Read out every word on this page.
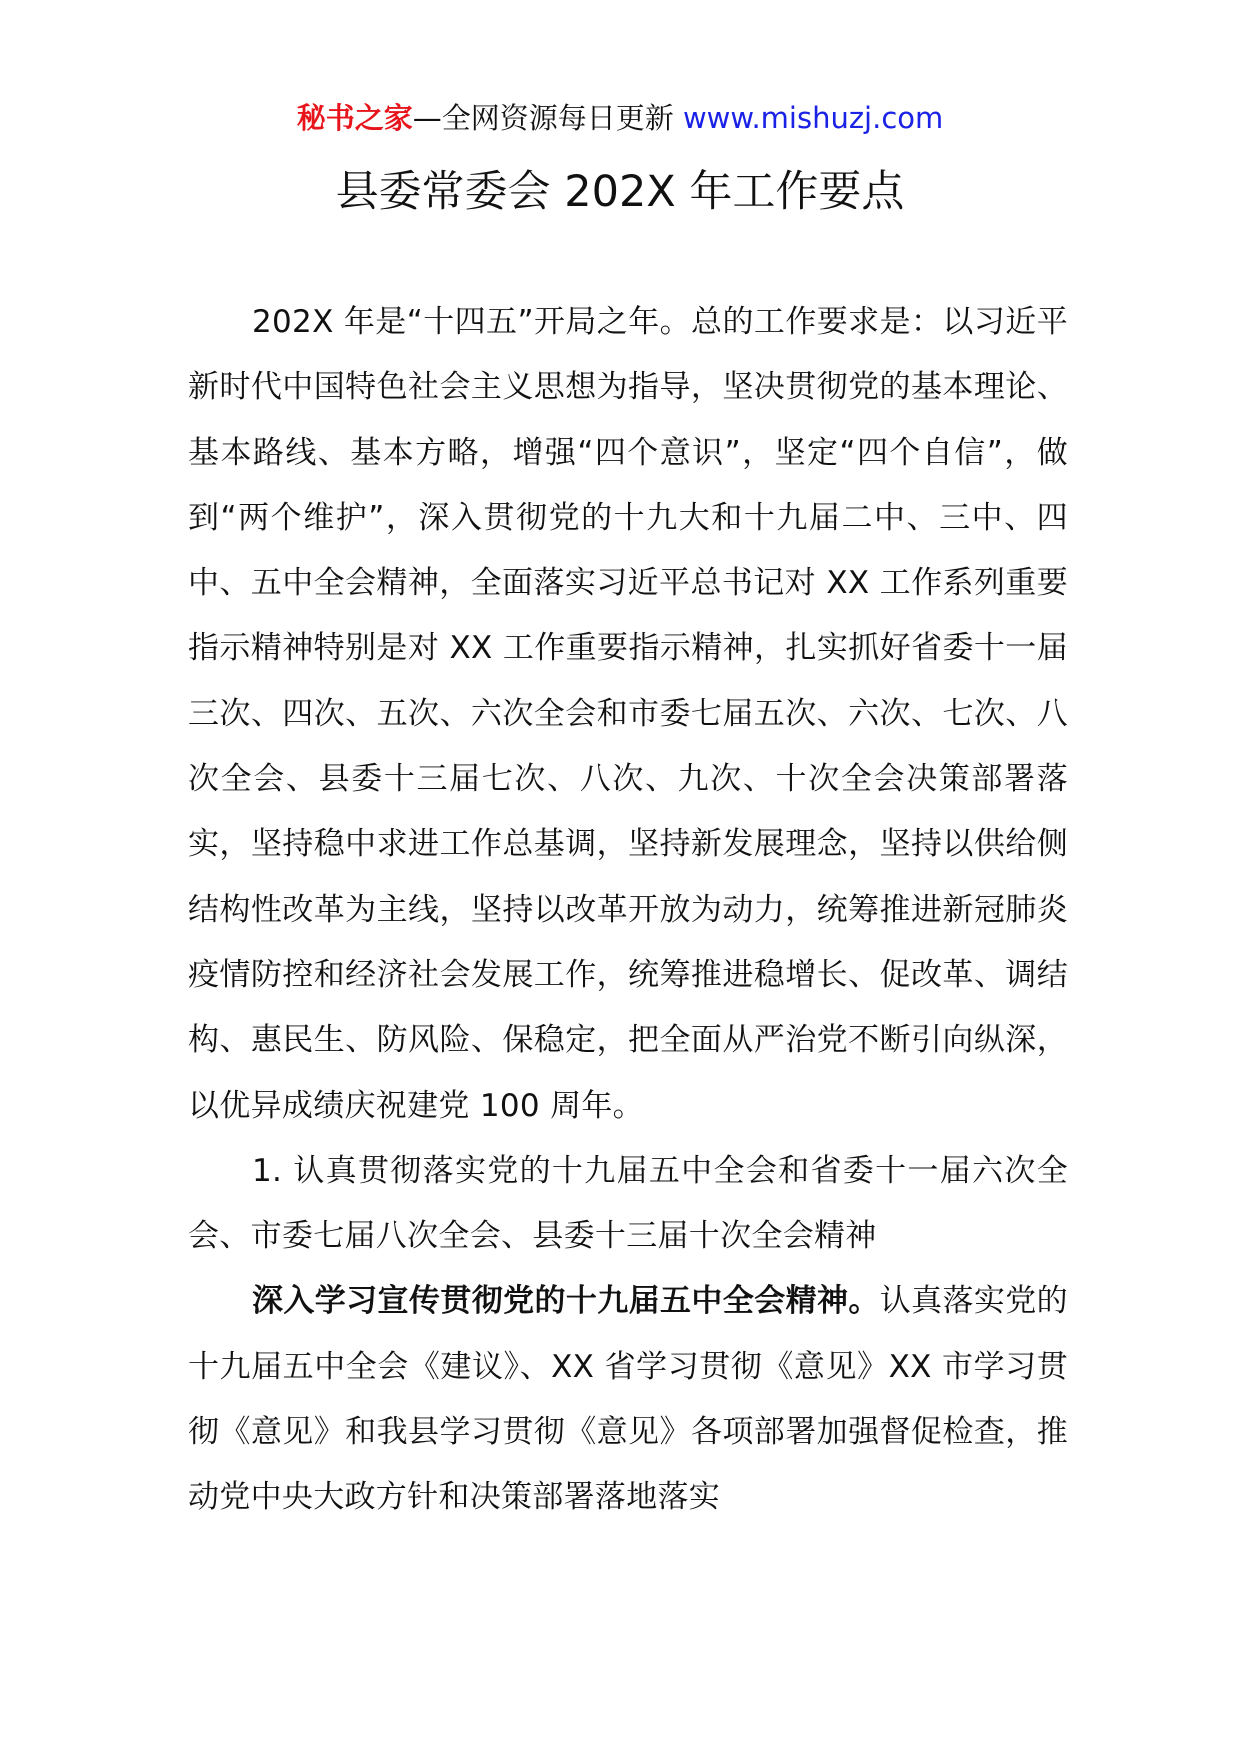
秘书之家—全网资源每日更新 www.mishuzj.com
县委常委会 202X 年工作要点

202X 年是“十四五”开局之年。总的工作要求是：以习近平新时代中国特色社会主义思想为指导，坚决贯彻党的基本理论、基本路线、基本方略，增强“四个意识”，坚定“四个自信”，做到“两个维护”，深入贯彻党的十九大和十九届二中、三中、四中、五中全会精神，全面落实习近平总书记对 XX 工作系列重要指示精神特别是对 XX 工作重要指示精神，扎实抓好省委十一届三次、四次、五次、六次全会和市委七届五次、六次、七次、八次全会、县委十三届七次、八次、九次、十次全会决策部署落实，坚持稳中求进工作总基调，坚持新发展理念，坚持以供给侧结构性改革为主线，坚持以改革开放为动力，统筹推进新冠肺炎疫情防控和经济社会发展工作，统筹推进稳增长、促改革、调结构、惠民生、防风险、保稳定，把全面从严治党不断引向纵深，以优异成绩庆祝建党 100 周年。

1. 认真贯彻落实党的十九届五中全会和省委十一届六次全会、市委七届八次全会、县委十三届十次全会精神

深入学习宣传贯彻党的十九届五中全会精神。认真落实党的十九届五中全会《建议》、XX 省学习贯彻《意见》XX 市学习贯彻《意见》和我县学习贯彻《意见》各项部署加强督促检查，推动党中央大政方针和决策部署落地落实
